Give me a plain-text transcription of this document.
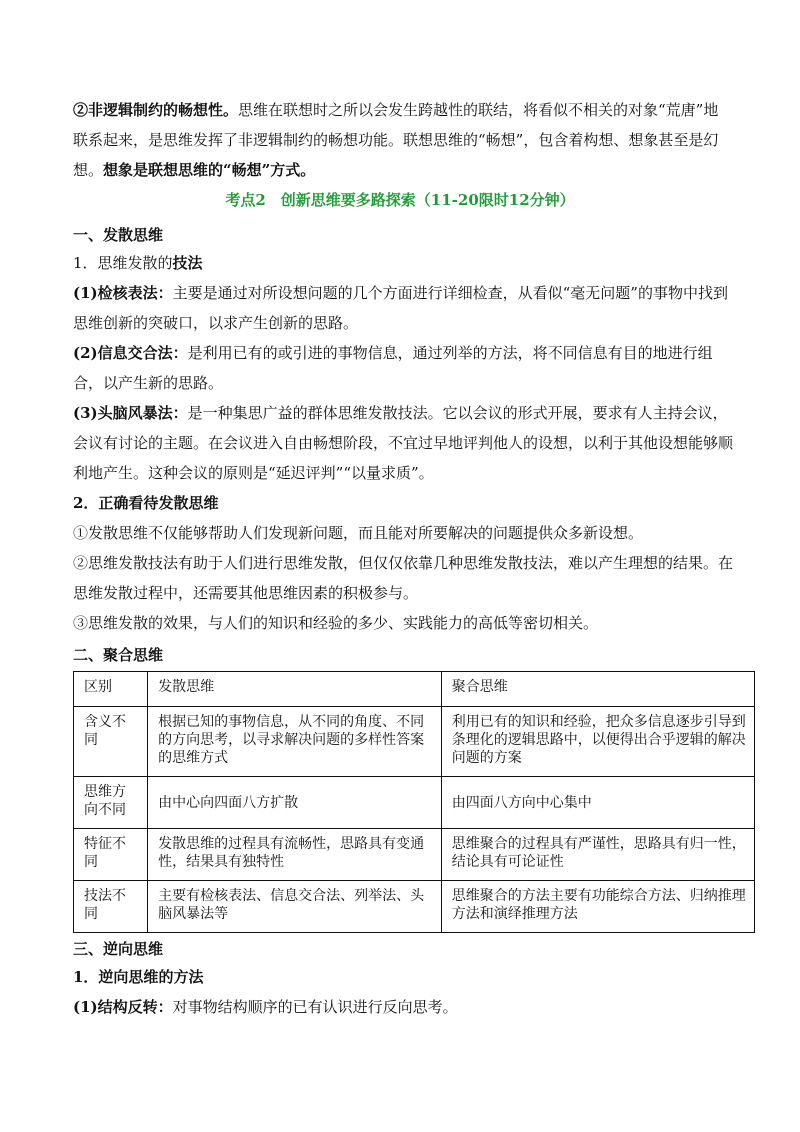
②非逻辑制约的畅想性。思维在联想时之所以会发生跨越性的联结，将看似不相关的对象“荒唐”地联系起来，是思维发挥了非逻辑制约的畅想功能。联想思维的“畅想”，包含着构想、想象甚至是幻想。想象是联想思维的“畅想”方式。

考点2　创新思维要多路探索（11-20限时12分钟）

一、发散思维

1．思维发散的技法

(1)检核表法：主要是通过对所设想问题的几个方面进行详细检查，从看似“毫无问题”的事物中找到思维创新的突破口，以求产生创新的思路。

(2)信息交合法：是利用已有的或引进的事物信息，通过列举的方法，将不同信息有目的地进行组合，以产生新的思路。

(3)头脑风暴法：是一种集思广益的群体思维发散技法。它以会议的形式开展，要求有人主持会议，会议有讨论的主题。在会议进入自由畅想阶段，不宜过早地评判他人的设想，以利于其他设想能够顺利地产生。这种会议的原则是“延迟评判”“以量求质”。

2．正确看待发散思维

①发散思维不仅能够帮助人们发现新问题，而且能对所要解决的问题提供众多新设想。

②思维发散技法有助于人们进行思维发散，但仅仅依靠几种思维发散技法，难以产生理想的结果。在思维发散过程中，还需要其他思维因素的积极参与。

③思维发散的效果，与人们的知识和经验的多少、实践能力的高低等密切相关。

二、聚合思维

区别	发散思维	聚合思维
含义不同	根据已知的事物信息，从不同的角度、不同的方向思考，以寻求解决问题的多样性答案的思维方式	利用已有的知识和经验，把众多信息逐步引导到条理化的逻辑思路中，以便得出合乎逻辑的解决问题的方案
思维方向不同	由中心向四面八方扩散	由四面八方向中心集中
特征不同	发散思维的过程具有流畅性，思路具有变通性，结果具有独特性	思维聚合的过程具有严谨性，思路具有归一性，结论具有可论证性
技法不同	主要有检核表法、信息交合法、列举法、头脑风暴法等	思维聚合的方法主要有功能综合方法、归纳推理方法和演绎推理方法

三、逆向思维

1．逆向思维的方法

(1)结构反转：对事物结构顺序的已有认识进行反向思考。
